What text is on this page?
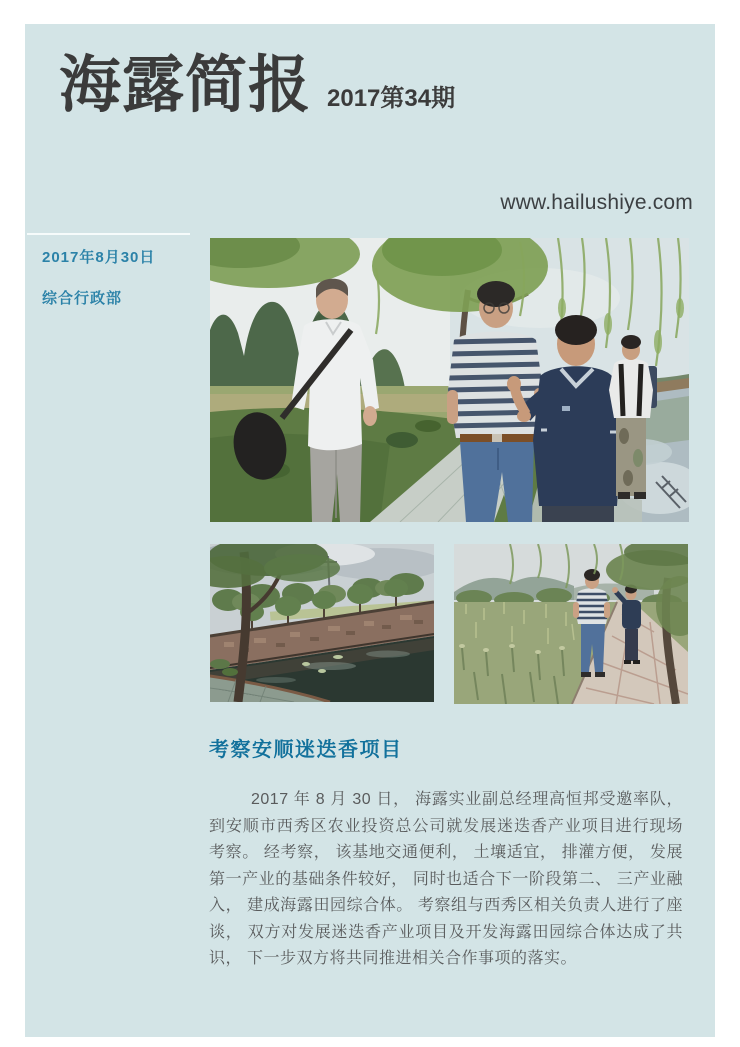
海露简报 2017第34期
www.hailushiye.com
2017年8月30日
综合行政部
考察安顺迷迭香项目

2017 年 8 月 30 日， 海露实业副总经理高恒邦受邀率队， 到安顺市西秀区农业投资总公司就发展迷迭香产业项目进行现场考察。 经考察， 该基地交通便利， 土壤适宜， 排灌方便， 发展第一产业的基础条件较好， 同时也适合下一阶段第二、 三产业融入， 建成海露田园综合体。 考察组与西秀区相关负责人进行了座谈， 双方对发展迷迭香产业项目及开发海露田园综合体达成了共识， 下一步双方将共同推进相关合作事项的落实。
